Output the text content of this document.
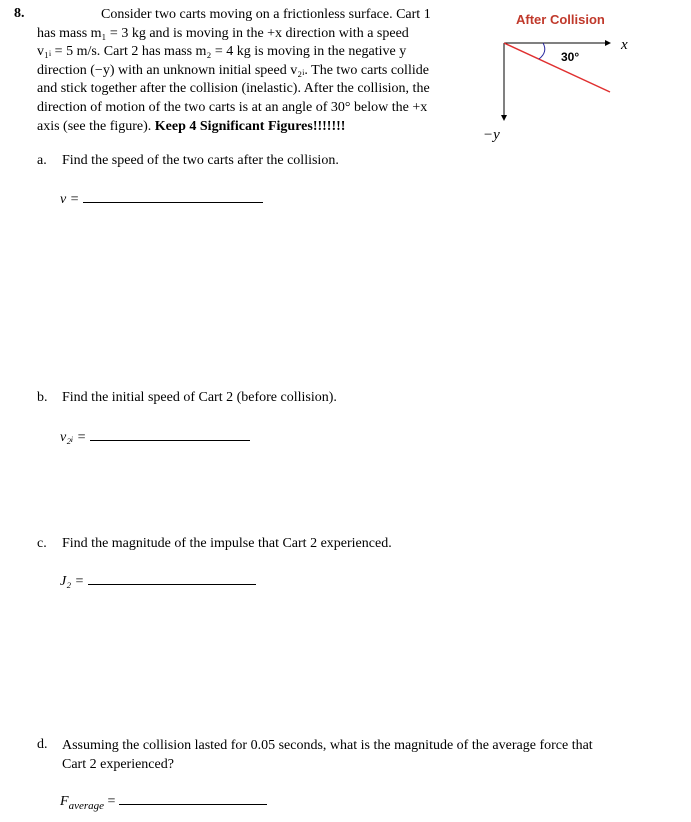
8.	Consider two carts moving on a frictionless surface. Cart 1
has mass m₁ = 3 kg and is moving in the +x direction with a speed
v₁ᵢ = 5 m/s. Cart 2 has mass m₂ = 4 kg is moving in the negative y
direction (−y) with an unknown initial speed v₂ᵢ. The two carts collide
and stick together after the collision (inelastic). After the collision, the
direction of motion of the two carts is at an angle of 30° below the +x
axis (see the figure). Keep 4 Significant Figures!!!!!!!
After Collision
30°
x
−y
a. Find the speed of the two carts after the collision.
v =
b. Find the initial speed of Cart 2 (before collision).
v₂ᵢ =
c. Find the magnitude of the impulse that Cart 2 experienced.
J₂ =
d. Assuming the collision lasted for 0.05 seconds, what is the magnitude of the average force that
Cart 2 experienced?
$F_{average}$ =
